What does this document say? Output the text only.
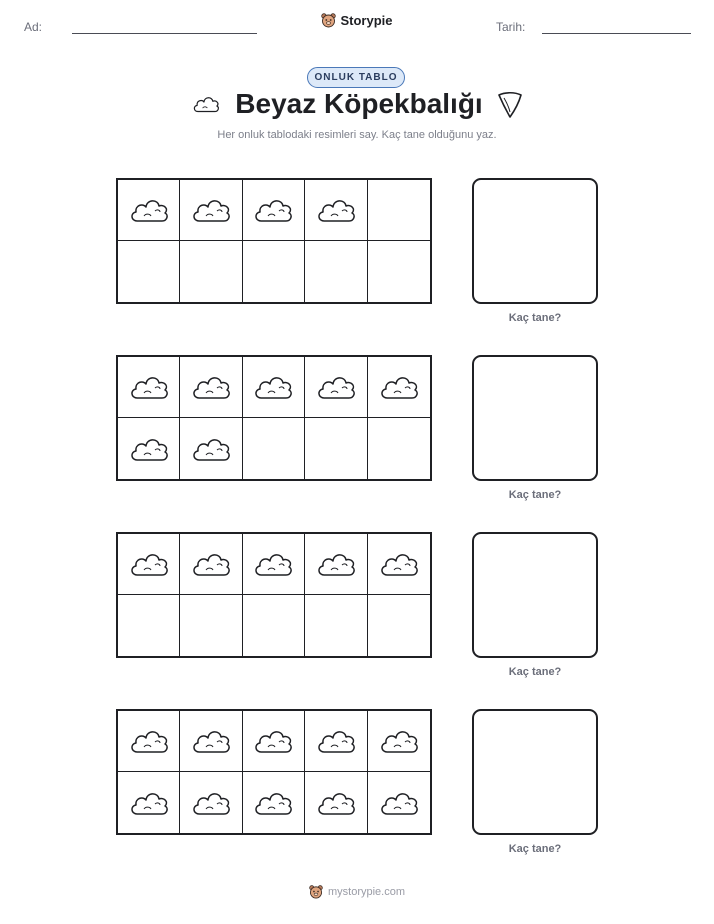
Ad:	Storypie	Tarih:
ONLUK TABLO
Beyaz Köpekbalığı
Her onluk tablodaki resimleri say. Kaç tane olduğunu yaz.
Kaç tane?
Kaç tane?
Kaç tane?
Kaç tane?
mystorypie.com
